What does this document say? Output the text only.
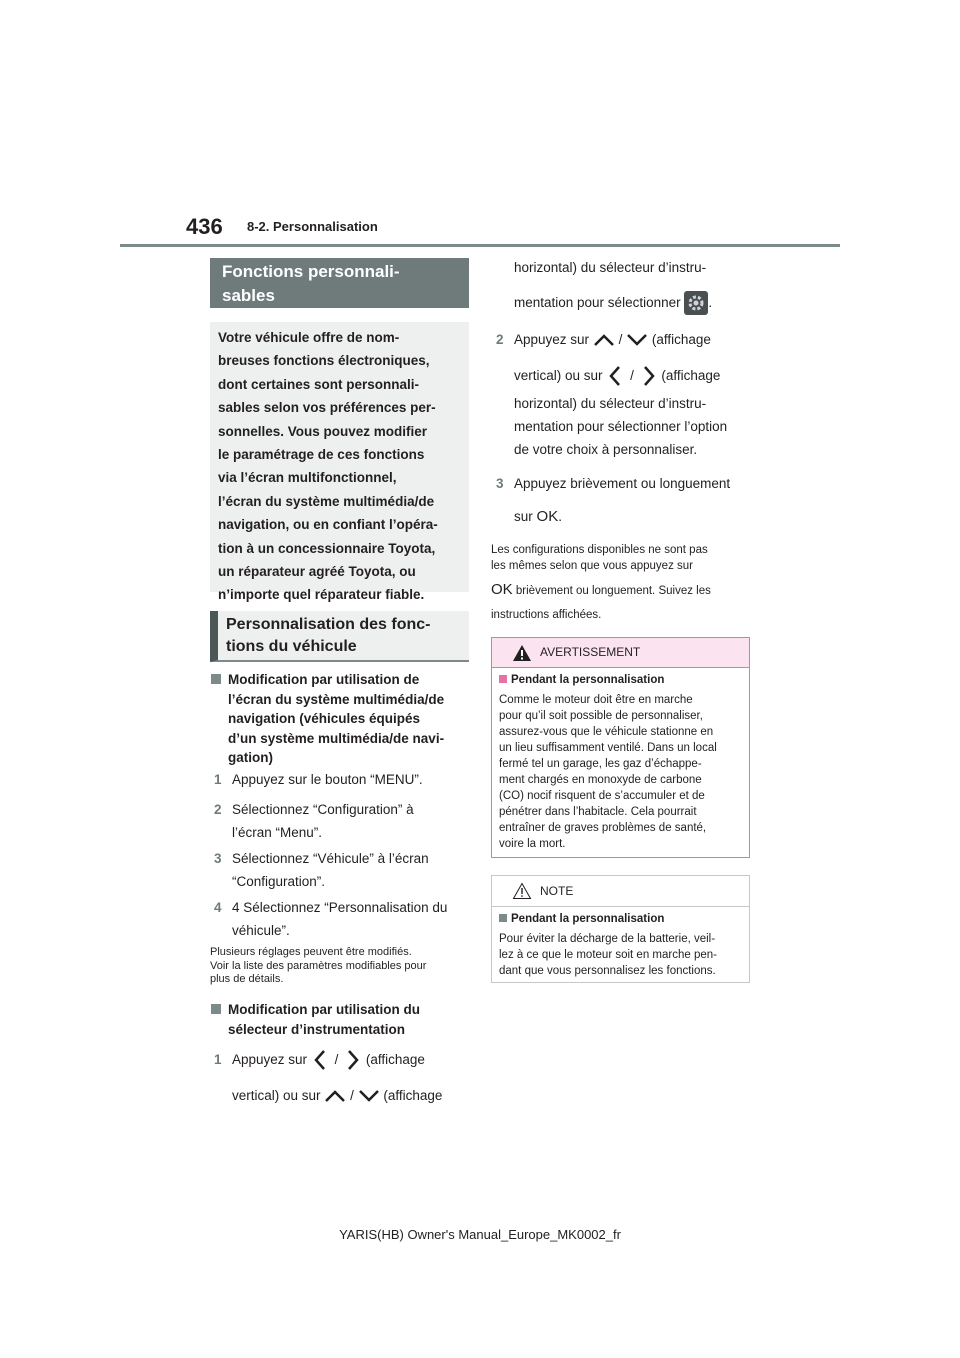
436 8-2. Personnalisation
Fonctions personnali-
sables
Votre véhicule offre de nom-
breuses fonctions électroniques,
dont certaines sont personnali-
sables selon vos préférences per-
sonnelles. Vous pouvez modifier
le paramétrage de ces fonctions
via l’écran multifonctionnel,
l’écran du système multimédia/de
navigation, ou en confiant l’opéra-
tion à un concessionnaire Toyota,
un réparateur agréé Toyota, ou
n’importe quel réparateur fiable.
Personnalisation des fonc-
tions du véhicule
Modification par utilisation de
l’écran du système multimédia/de
navigation (véhicules équipés
d’un système multimédia/de navi-
gation)
1 Appuyez sur le bouton “MENU”.
2 Sélectionnez “Configuration” à
l’écran “Menu”.
3 Sélectionnez “Véhicule” à l’écran
“Configuration”.
4 4 Sélectionnez “Personnalisation du
véhicule”.
Plusieurs réglages peuvent être modifiés.
Voir la liste des paramètres modifiables pour
plus de détails.
Modification par utilisation du
sélecteur d’instrumentation
1 Appuyez sur / (affichage
vertical) ou sur / (affichage
horizontal) du sélecteur d’instru-
mentation pour sélectionner .
2 Appuyez sur / (affichage
vertical) ou sur / (affichage
horizontal) du sélecteur d’instru-
mentation pour sélectionner l’option
de votre choix à personnaliser.
3 Appuyez brièvement ou longuement
sur OK.
Les configurations disponibles ne sont pas
les mêmes selon que vous appuyez sur
OK brièvement ou longuement. Suivez les
instructions affichées.
AVERTISSEMENT
Pendant la personnalisation
Comme le moteur doit être en marche
pour qu’il soit possible de personnaliser,
assurez-vous que le véhicule stationne en
un lieu suffisamment ventilé. Dans un local
fermé tel un garage, les gaz d’échappe-
ment chargés en monoxyde de carbone
(CO) nocif risquent de s’accumuler et de
pénétrer dans l’habitacle. Cela pourrait
entraîner de graves problèmes de santé,
voire la mort.
NOTE
Pendant la personnalisation
Pour éviter la décharge de la batterie, veil-
lez à ce que le moteur soit en marche pen-
dant que vous personnalisez les fonctions.
YARIS(HB) Owner's Manual_Europe_MK0002_fr
